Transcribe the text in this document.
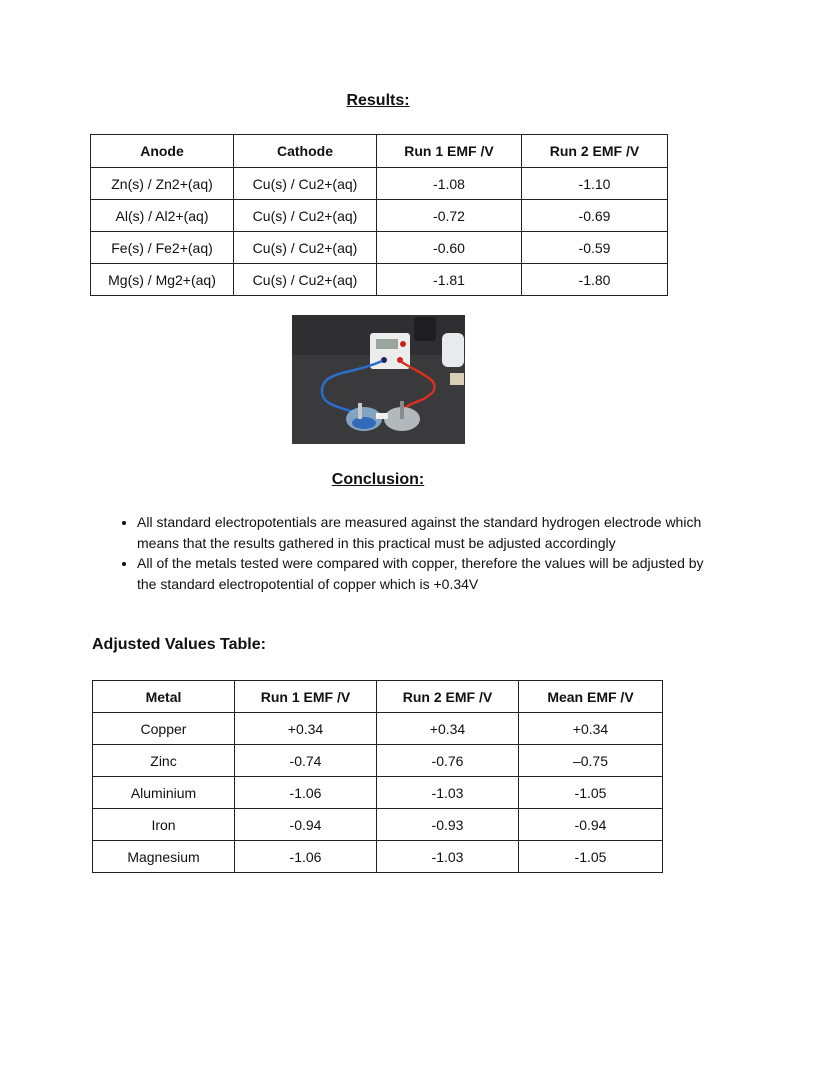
Results:
Anode	Cathode	Run 1 EMF /V	Run 2 EMF /V
Zn(s) / Zn2+(aq)	Cu(s) / Cu2+(aq)	-1.08	-1.10
Al(s) / Al2+(aq)	Cu(s) / Cu2+(aq)	-0.72	-0.69
Fe(s) / Fe2+(aq)	Cu(s) / Cu2+(aq)	-0.60	-0.59
Mg(s) / Mg2+(aq)	Cu(s) / Cu2+(aq)	-1.81	-1.80
Conclusion:
• All standard electropotentials are measured against the standard hydrogen electrode which means that the results gathered in this practical must be adjusted accordingly
• All of the metals tested were compared with copper, therefore the values will be adjusted by the standard electropotential of copper which is +0.34V
Adjusted Values Table:
Metal	Run 1 EMF /V	Run 2 EMF /V	Mean EMF /V
Copper	+0.34	+0.34	+0.34
Zinc	-0.74	-0.76	–0.75
Aluminium	-1.06	-1.03	-1.05
Iron	-0.94	-0.93	-0.94
Magnesium	-1.06	-1.03	-1.05
